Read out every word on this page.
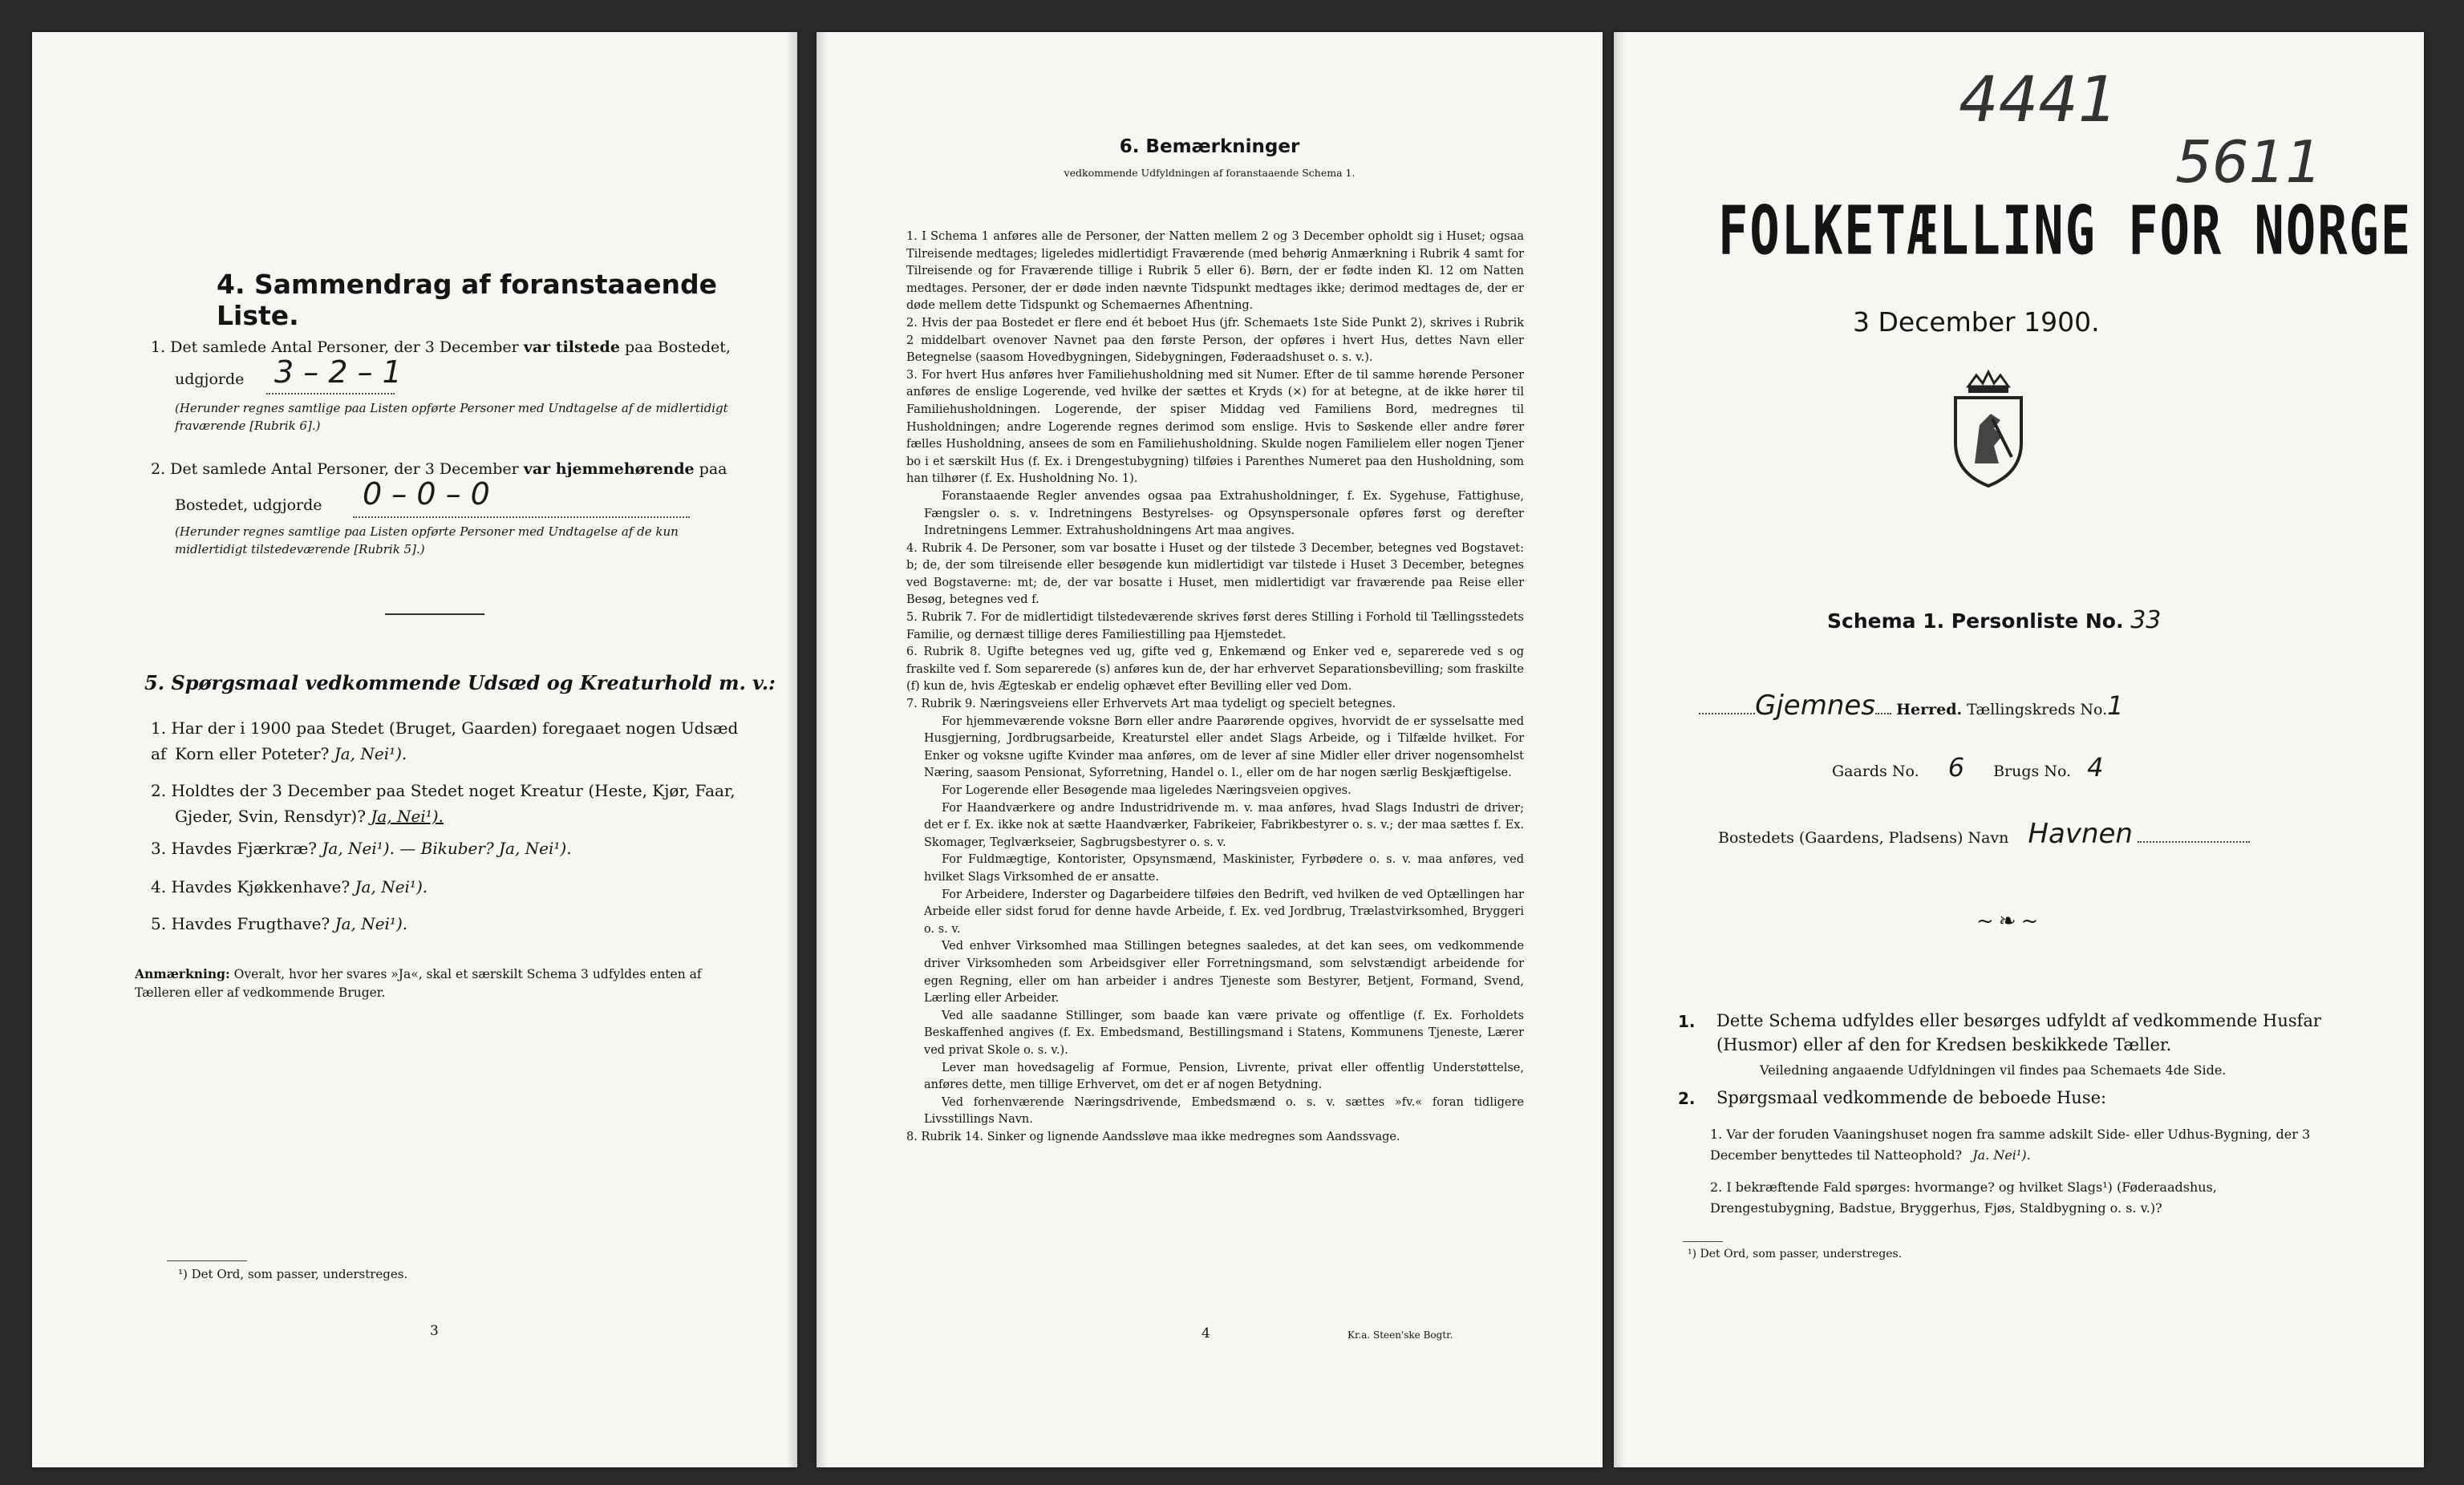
4. Sammendrag af foranstaaende Liste.
1. Det samlede Antal Personer, der 3 December var tilstede paa Bostedet,
udgjorde 3 – 2 – 1
(Herunder regnes samtlige paa Listen opførte Personer med Undtagelse af de midlertidigt fraværende [Rubrik 6].)
2. Det samlede Antal Personer, der 3 December var hjemmehørende paa
Bostedet, udgjorde 0 – 0 – 0
(Herunder regnes samtlige paa Listen opførte Personer med Undtagelse af de kun midlertidigt tilstedeværende [Rubrik 5].)
5. Spørgsmaal vedkommende Udsæd og Kreaturhold m. v.:
1. Har der i 1900 paa Stedet (Bruget, Gaarden) foregaaet nogen Udsæd af Korn eller Poteter? Ja, Nei¹).
2. Holdtes der 3 December paa Stedet noget Kreatur (Heste, Kjør, Faar,
Gjeder, Svin, Rensdyr)? Ja, Nei¹).
3. Havdes Fjærkræ? Ja, Nei¹). — Bikuber? Ja, Nei¹).
4. Havdes Kjøkkenhave? Ja, Nei¹).
5. Havdes Frugthave? Ja, Nei¹).
Anmærkning: Overalt, hvor her svares »Ja«, skal et særskilt Schema 3 udfyldes enten af Tælleren eller af vedkommende Bruger.
¹) Det Ord, som passer, understreges.
3
6. Bemærkninger
vedkommende Udfyldningen af foranstaaende Schema 1.
1. I Schema 1 anføres alle de Personer, der Natten mellem 2 og 3 December opholdt sig i Huset; ogsaa Tilreisende medtages; ligeledes midlertidigt Fraværende (med behørig Anmærkning i Rubrik 4 samt for Tilreisende og for Fraværende tillige i Rubrik 5 eller 6). Børn, der er fødte inden Kl. 12 om Natten medtages. Personer, der er døde inden nævnte Tidspunkt medtages ikke; derimod medtages de, der er døde mellem dette Tidspunkt og Schemaernes Afhentning.
2. Hvis der paa Bostedet er flere end ét beboet Hus (jfr. Schemaets 1ste Side Punkt 2), skrives i Rubrik 2 middelbart ovenover Navnet paa den første Person, der opføres i hvert Hus, dettes Navn eller Betegnelse (saasom Hovedbygningen, Sidebygningen, Føderaadshuset o. s. v.).
3. For hvert Hus anføres hver Familiehusholdning med sit Numer. Efter de til samme hørende Personer anføres de enslige Logerende, ved hvilke der sættes et Kryds (×) for at betegne, at de ikke hører til Familiehusholdningen. Logerende, der spiser Middag ved Familiens Bord, medregnes til Husholdningen; andre Logerende regnes derimod som enslige. Hvis to Søskende eller andre fører fælles Husholdning, ansees de som en Familiehusholdning. Skulde nogen Familielem eller nogen Tjener bo i et særskilt Hus (f. Ex. i Drengestubygning) tilføies i Parenthes Numeret paa den Husholdning, som han tilhører (f. Ex. Husholdning No. 1).
Foranstaaende Regler anvendes ogsaa paa Extrahusholdninger, f. Ex. Sygehuse, Fattighuse, Fængsler o. s. v. Indretningens Bestyrelses- og Opsynspersonale opføres først og derefter Indretningens Lemmer. Extrahusholdningens Art maa angives.
4. Rubrik 4. De Personer, som var bosatte i Huset og der tilstede 3 December, betegnes ved Bogstavet: b; de, der som tilreisende eller besøgende kun midlertidigt var tilstede i Huset 3 December, betegnes ved Bogstaverne: mt; de, der var bosatte i Huset, men midlertidigt var fraværende paa Reise eller Besøg, betegnes ved f.
5. Rubrik 7. For de midlertidigt tilstedeværende skrives først deres Stilling i Forhold til Tællingsstedets Familie, og dernæst tillige deres Familiestilling paa Hjemstedet.
6. Rubrik 8. Ugifte betegnes ved ug, gifte ved g, Enkemænd og Enker ved e, separerede ved s og fraskilte ved f. Som separerede (s) anføres kun de, der har erhvervet Separationsbevilling; som fraskilte (f) kun de, hvis Ægteskab er endelig ophævet efter Bevilling eller ved Dom.
7. Rubrik 9. Næringsveiens eller Erhvervets Art maa tydeligt og specielt betegnes.
For hjemmeværende voksne Børn eller andre Paarørende opgives, hvorvidt de er sysselsatte med Husgjerning, Jordbrugsarbeide, Kreaturstel eller andet Slags Arbeide, og i Tilfælde hvilket. For Enker og voksne ugifte Kvinder maa anføres, om de lever af sine Midler eller driver nogensomhelst Næring, saasom Pensionat, Syforretning, Handel o. l., eller om de har nogen særlig Beskjæftigelse.
For Logerende eller Besøgende maa ligeledes Næringsveien opgives.
For Haandværkere og andre Industridrivende m. v. maa anføres, hvad Slags Industri de driver; det er f. Ex. ikke nok at sætte Haandværker, Fabrikeier, Fabrikbestyrer o. s. v.; der maa sættes f. Ex. Skomager, Teglværkseier, Sagbrugsbestyrer o. s. v.
For Fuldmægtige, Kontorister, Opsynsmænd, Maskinister, Fyrbødere o. s. v. maa anføres, ved hvilket Slags Virksomhed de er ansatte.
For Arbeidere, Inderster og Dagarbeidere tilføies den Bedrift, ved hvilken de ved Optællingen har Arbeide eller sidst forud for denne havde Arbeide, f. Ex. ved Jordbrug, Trælastvirksomhed, Bryggeri o. s. v.
Ved enhver Virksomhed maa Stillingen betegnes saaledes, at det kan sees, om vedkommende driver Virksomheden som Arbeidsgiver eller Forretningsmand, som selvstændigt arbeidende for egen Regning, eller om han arbeider i andres Tjeneste som Bestyrer, Betjent, Formand, Svend, Lærling eller Arbeider.
Ved alle saadanne Stillinger, som baade kan være private og offentlige (f. Ex. Forholdets Beskaffenhed angives (f. Ex. Embedsmand, Bestillingsmand i Statens, Kommunens Tjeneste, Lærer ved privat Skole o. s. v.).
Lever man hovedsagelig af Formue, Pension, Livrente, privat eller offentlig Understøttelse, anføres dette, men tillige Erhvervet, om det er af nogen Betydning.
Ved forhenværende Næringsdrivende, Embedsmænd o. s. v. sættes »fv.« foran tidligere Livsstillings Navn.
8. Rubrik 14. Sinker og lignende Aandssløve maa ikke medregnes som Aandssvage.
4	Kr.a. Steen'ske Bogtr.
4441
5611
FOLKETÆLLING FOR NORGE
3 December 1900.
Schema 1. Personliste No. 33
Gjemnes Herred. Tællingskreds No.1
Gaards No. 6 Brugs No. 4
Bostedets (Gaardens, Pladsens) Navn Havnen
~❧~
1. Dette Schema udfyldes eller besørges udfyldt af vedkommende Husfar (Husmor) eller af den for Kredsen beskikkede Tæller.
Veiledning angaaende Udfyldningen vil findes paa Schemaets 4de Side.
2. Spørgsmaal vedkommende de beboede Huse:
1. Var der foruden Vaaningshuset nogen fra samme adskilt Side- eller Udhus-Bygning, der 3 December benyttedes til Natteophold? Ja. Nei¹).
2. I bekræftende Fald spørges: hvormange? og hvilket Slags¹) (Føderaadshus, Drengestubygning, Badstue, Bryggerhus, Fjøs, Staldbygning o. s. v.)?
¹) Det Ord, som passer, understreges.
